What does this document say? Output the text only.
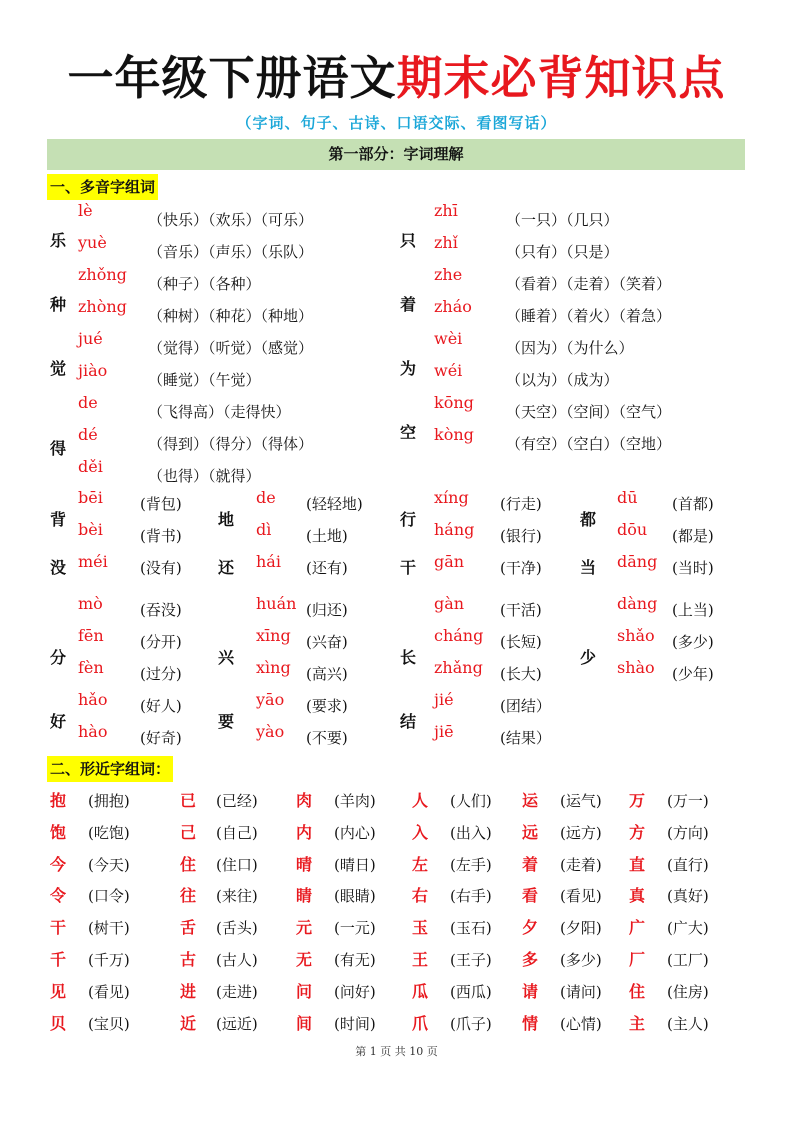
一年级下册语文期末必背知识点
（字词、句子、古诗、口语交际、看图写话）
第一部分：字词理解
一、多音字组词
乐
lè	（快乐）（欢乐）（可乐）
yuè	（音乐）（声乐）（乐队）
种
zhǒng （种子）（各种）
zhòng （种树）（种花）（种地）
觉
jué	（觉得）（听觉）（感觉）
jiào	（睡觉）（午觉）
得
de	（飞得高）（走得快）
dé	（得到）（得分）（得体）
děi	（也得）（就得）
只
zhī	（一只）（几只）
zhǐ	（只有）（只是）
着
zhe	（看着）（走着）（笑着）
zháo （睡着）（着火）（着急）
为
wèi	（因为）（为什么）
wéi	（以为）（成为）
空
kōng （天空）（空间）（空气）
kòng （有空）（空白）（空地）
背
bēi (背包)
bèi (背书)
地
de (轻轻地)
dì (土地)
行
xíng (行走)
háng (银行)
都
dū (首都)
dōu (都是)
没 méi (没有)
mò (吞没)
还 hái (还有)
huán (归还)
干 gān (干净)
gàn (干活)
当 dāng (当时)
dàng (上当)
分
fēn (分开)
fèn (过分)
兴
xīng (兴奋)
xìng (高兴)
长
cháng (长短)
zhǎng (长大)
少
shǎo (多少)
shào (少年)
好
hǎo (好人)
hào (好奇)
要
yāo (要求)
yào (不要)
结
jié	(团结）
jiē	(结果）
二、形近字组词：
抱 (拥抱)	已 (已经) 肉 (羊肉) 人 (人们) 运 (运气) 万 (万一)
饱 (吃饱)	己 (自己) 内 (内心) 入 (出入) 远 (远方) 方 (方向)
今 (今天)	住 (住口) 晴 (晴日) 左 (左手) 着 (走着) 直 (直行)
令 (口令)	往 (来往) 睛 (眼睛) 右 (右手) 看 (看见) 真 (真好)
干 (树干)	舌 (舌头) 元 (一元) 玉 (玉石) 夕 (夕阳) 广 (广大)
千 (千万)	古 (古人) 无 (有无) 王 (王子) 多 (多少) 厂 (工厂)
见 (看见)	进 (走进) 问 (问好) 瓜 (西瓜) 请 (请问) 住 (住房)
贝 (宝贝)	近 (远近) 间 (时间) 爪 (爪子) 情 (心情) 主 (主人)
第 1 页 共 10 页
